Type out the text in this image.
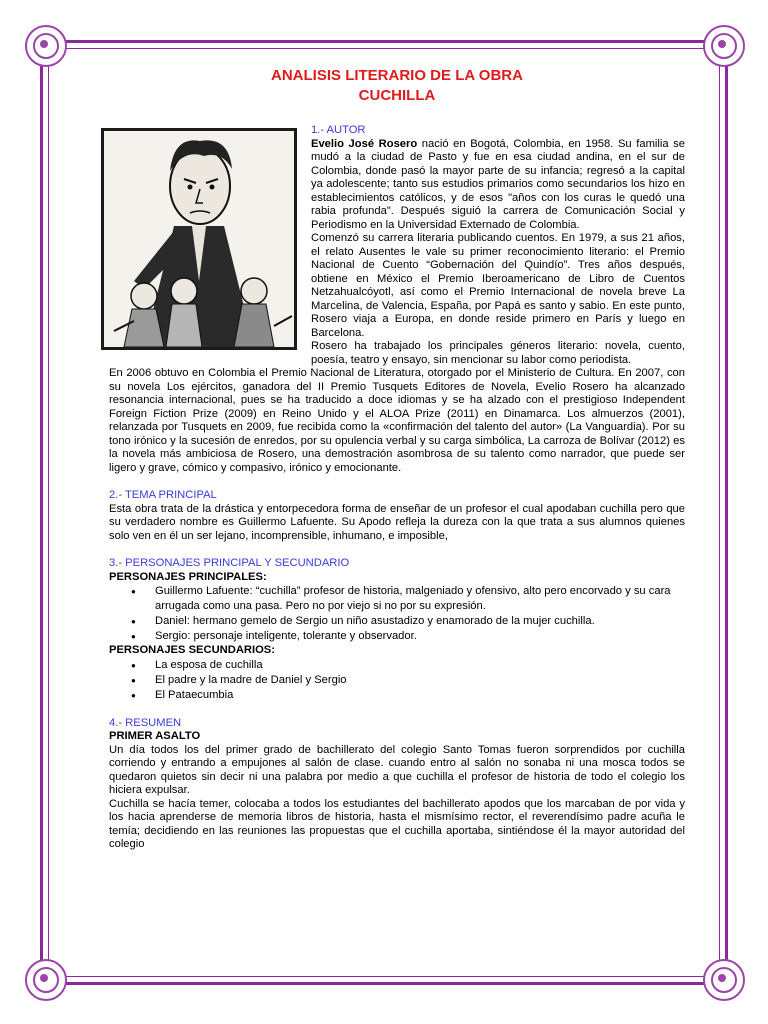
ANALISIS LITERARIO DE LA OBRA
CUCHILLA
1.- AUTOR

Evelio José Rosero nació en Bogotá, Colombia, en 1958. Su familia se mudó a la ciudad de Pasto y fue en esa ciudad andina, en el sur de Colombia, donde pasó la mayor parte de su infancia; regresó a la capital ya adolescente; tanto sus estudios primarios como secundarios los hizo en establecimientos católicos, y de esos "años con los curas le quedó una rabia profunda". Después siguió la carrera de Comunicación Social y Periodismo en la Universidad Externado de Colombia.

Comenzó su carrera literaria publicando cuentos. En 1979, a sus 21 años, el relato Ausentes le vale su primer reconocimiento literario: el Premio Nacional de Cuento “Gobernación del Quindío”. Tres años después, obtiene en México el Premio Iberoamericano de Libro de Cuentos Netzahualcóyotl, así como el Premio Internacional de novela breve La Marcelina, de Valencia, España, por Papá es santo y sabio. En este punto, Rosero viaja a Europa, en donde reside primero en París y luego en Barcelona.

Rosero ha trabajado los principales géneros literario: novela, cuento, poesía, teatro y ensayo, sin mencionar su labor como periodista.

En 2006 obtuvo en Colombia el Premio Nacional de Literatura, otorgado por el Ministerio de Cultura. En 2007, con su novela Los ejércitos, ganadora del II Premio Tusquets Editores de Novela, Evelio Rosero ha alcanzado resonancia internacional, pues se ha traducido a doce idiomas y se ha alzado con el prestigioso Independent Foreign Fiction Prize (2009) en Reino Unido y el ALOA Prize (2011) en Dinamarca. Los almuerzos (2001), relanzada por Tusquets en 2009, fue recibida como la «confirmación del talento del autor» (La Vanguardia). Por su tono irónico y la sucesión de enredos, por su opulencia verbal y su carga simbólica, La carroza de Bolívar (2012) es la novela más ambiciosa de Rosero, una demostración asombrosa de su talento como narrador, que puede ser ligero y grave, cómico y compasivo, irónico y emocionante.

2.- TEMA PRINCIPAL

Esta obra trata de la drástica y entorpecedora forma de enseñar de un profesor el cual apodaban cuchilla pero que su verdadero nombre es Guillermo Lafuente. Su Apodo refleja la dureza con la que trata a sus alumnos quienes solo ven en él un ser lejano, incomprensible, inhumano, e imposible,

3.- PERSONAJES PRINCIPAL Y SECUNDARIO
PERSONAJES PRINCIPALES:
● Guillermo Lafuente: “cuchilla” profesor de historia, malgeniado y ofensivo, alto pero encorvado y su cara arrugada como una pasa. Pero no por viejo si no por su expresión.
● Daniel: hermano gemelo de Sergio un niño asustadizo y enamorado de la mujer cuchilla.
● Sergio: personaje inteligente, tolerante y observador.
PERSONAJES SECUNDARIOS:
● La esposa de cuchilla
● El padre y la madre de Daniel y Sergio
● El Pataecumbia
4.- RESUMEN
PRIMER ASALTO

Un día todos los del primer grado de bachillerato del colegio Santo Tomas fueron sorprendidos por cuchilla corriendo y entrando a empujones al salón de clase. cuando entro al salón no sonaba ni una mosca todos se quedaron quietos sin decir ni una palabra por medio a que cuchilla el profesor de historia de todo el colegio los hiciera expulsar.

Cuchilla se hacía temer, colocaba a todos los estudiantes del bachillerato apodos que los marcaban de por vida y los hacia aprenderse de memoria libros de historia, hasta el mismísimo rector, el reverendísimo padre acuña le temía; decidiendo en las reuniones las propuestas que el cuchilla aportaba, sintiéndose él la mayor autoridad del colegio
